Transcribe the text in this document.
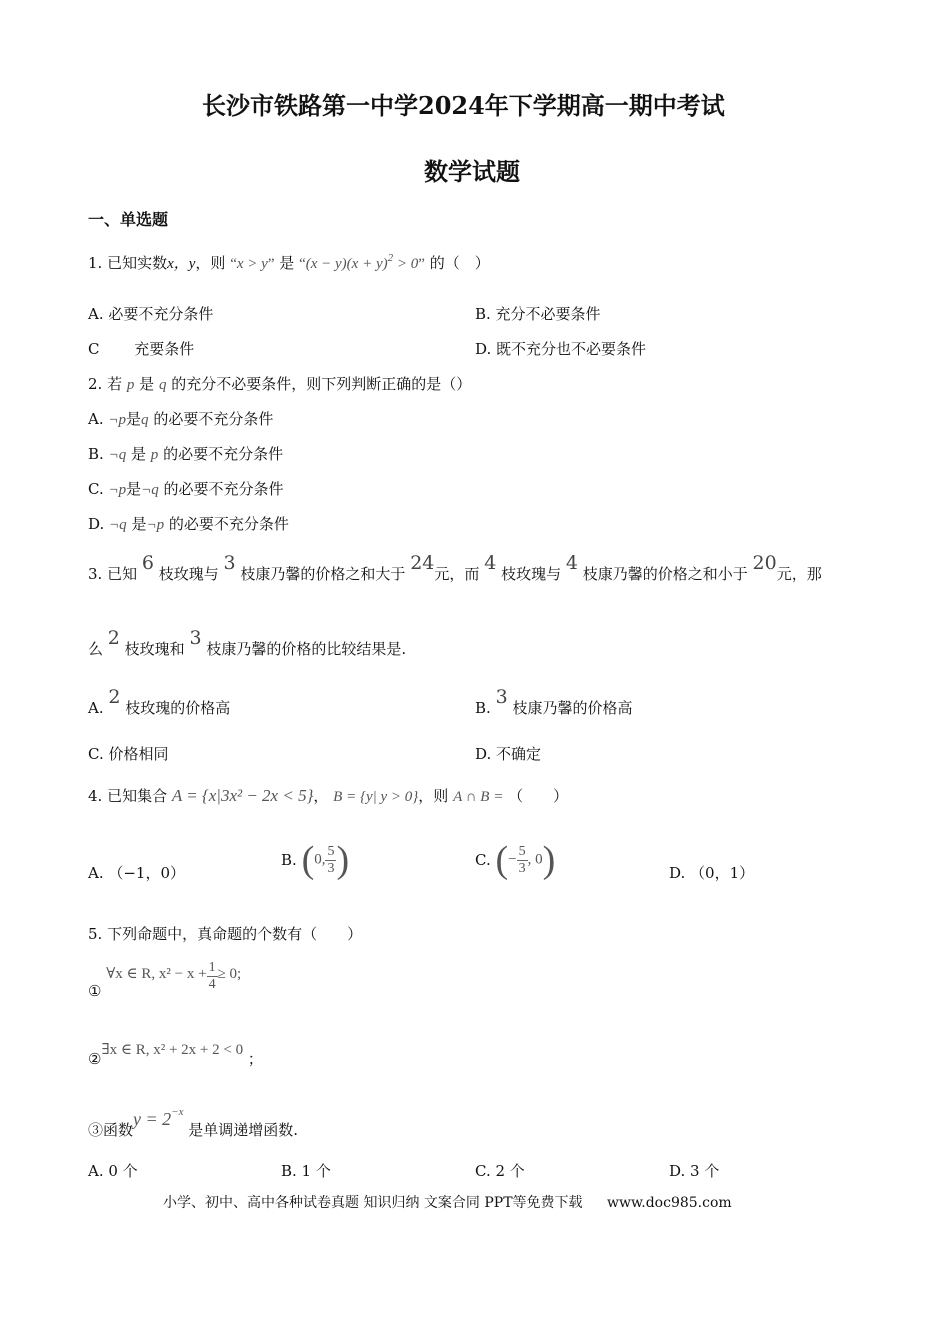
长沙市铁路第一中学2024年下学期高一期中考试
数学试题
一、单选题
1. 已知实数x，y，则 “x > y” 是 “$(x - y)(x + y)^2 > 0$” 的（　）
A. 必要不充分条件	B. 充分不必要条件
C 充要条件	D. 既不充分也不必要条件
2. 若 p 是 q 的充分不必要条件，则下列判断正确的是（）
A. ¬p是q 的必要不充分条件
B. ¬q 是 p 的必要不充分条件
C. ¬p是¬q 的必要不充分条件
D. ¬q 是¬p 的必要不充分条件
3. 已知 6 枝玫瑰与 3 枝康乃馨的价格之和大于 24元，而 4 枝玫瑰与 4 枝康乃馨的价格之和小于 20元，那
么 2 枝玫瑰和 3 枝康乃馨的价格的比较结果是.
A. 2 枝玫瑰的价格高	B. 3 枝康乃馨的价格高
C. 价格相同	D. 不确定
4. 已知集合 A = {x|3x² − 2x < 5}， B = {y| y > 0}，则 A ∩ B = （　　）
A. （−1，0）
B. (0, $\frac{5}{3}$ )	C. (− $\frac{5}{3}$ , 0)	D. （0，1）
5. 下列命题中，真命题的个数有（　　）
① ∀x ∈ R, $x^2 - x + \frac{1}{4} \ge 0$;
②∃x ∈ R, x² + 2x + 2 < 0 ；
③函数$y = 2^{-x}$ 是单调递增函数.
A. 0 个	B. 1 个	C. 2 个	D. 3 个
小学、初中、高中各种试卷真题 知识归纳 文案合同 PPT等免费下载 www.doc985.com
